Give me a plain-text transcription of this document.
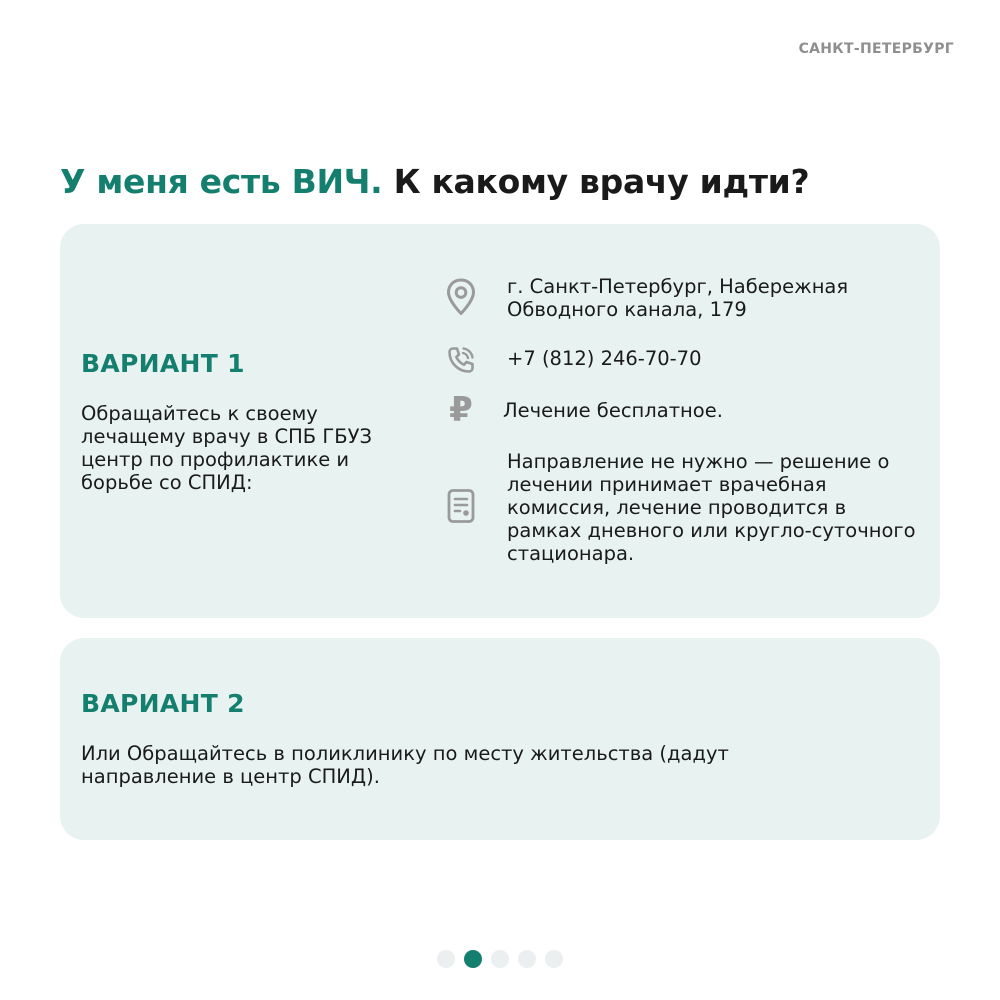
САНКТ-ПЕТЕРБУРГ
У меня есть ВИЧ. К какому врачу идти?
ВАРИАНТ 1
Обращайтесь к своему лечащему врачу в СПБ ГБУЗ центр по профилактике и борьбе со СПИД:
г. Санкт-Петербург, Набережная Обводного канала, 179
+7 (812) 246-70-70
₽ Лечение бесплатное.
Направление не нужно — решение о лечении принимает врачебная комиссия, лечение проводится в рамках дневного или кругло-суточного стационара.
ВАРИАНТ 2
Или Обращайтесь в поликлинику по месту жительства (дадут направление в центр СПИД).
